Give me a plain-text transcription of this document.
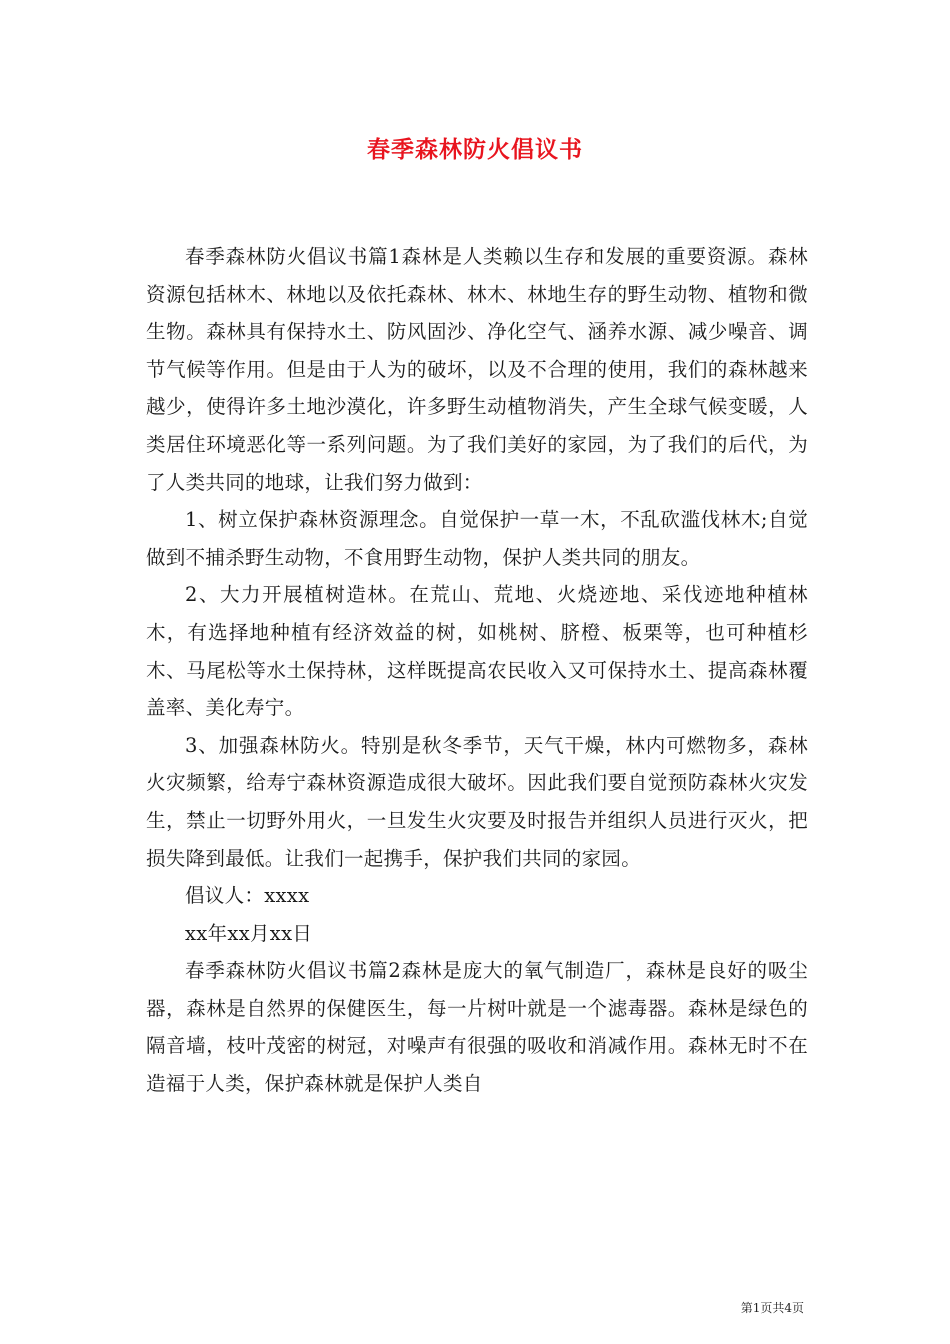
春季森林防火倡议书

春季森林防火倡议书篇1森林是人类赖以生存和发展的重要资源。森林资源包括林木、林地以及依托森林、林木、林地生存的野生动物、植物和微生物。森林具有保持水土、防风固沙、净化空气、涵养水源、减少噪音、调节气候等作用。但是由于人为的破坏，以及不合理的使用，我们的森林越来越少，使得许多土地沙漠化，许多野生动植物消失，产生全球气候变暖，人类居住环境恶化等一系列问题。为了我们美好的家园，为了我们的后代，为了人类共同的地球，让我们努力做到：

1、树立保护森林资源理念。自觉保护一草一木，不乱砍滥伐林木;自觉做到不捕杀野生动物，不食用野生动物，保护人类共同的朋友。

2、大力开展植树造林。在荒山、荒地、火烧迹地、采伐迹地种植林木，有选择地种植有经济效益的树，如桃树、脐橙、板栗等，也可种植杉木、马尾松等水土保持林，这样既提高农民收入又可保持水土、提高森林覆盖率、美化寿宁。

3、加强森林防火。特别是秋冬季节，天气干燥，林内可燃物多，森林火灾频繁，给寿宁森林资源造成很大破坏。因此我们要自觉预防森林火灾发生，禁止一切野外用火，一旦发生火灾要及时报告并组织人员进行灭火，把损失降到最低。让我们一起携手，保护我们共同的家园。

倡议人：xxxx

xx年xx月xx日

春季森林防火倡议书篇2森林是庞大的氧气制造厂，森林是良好的吸尘器，森林是自然界的保健医生，每一片树叶就是一个滤毒器。森林是绿色的隔音墙，枝叶茂密的树冠，对噪声有很强的吸收和消减作用。森林无时不在造福于人类，保护森林就是保护人类自

第1页共4页
